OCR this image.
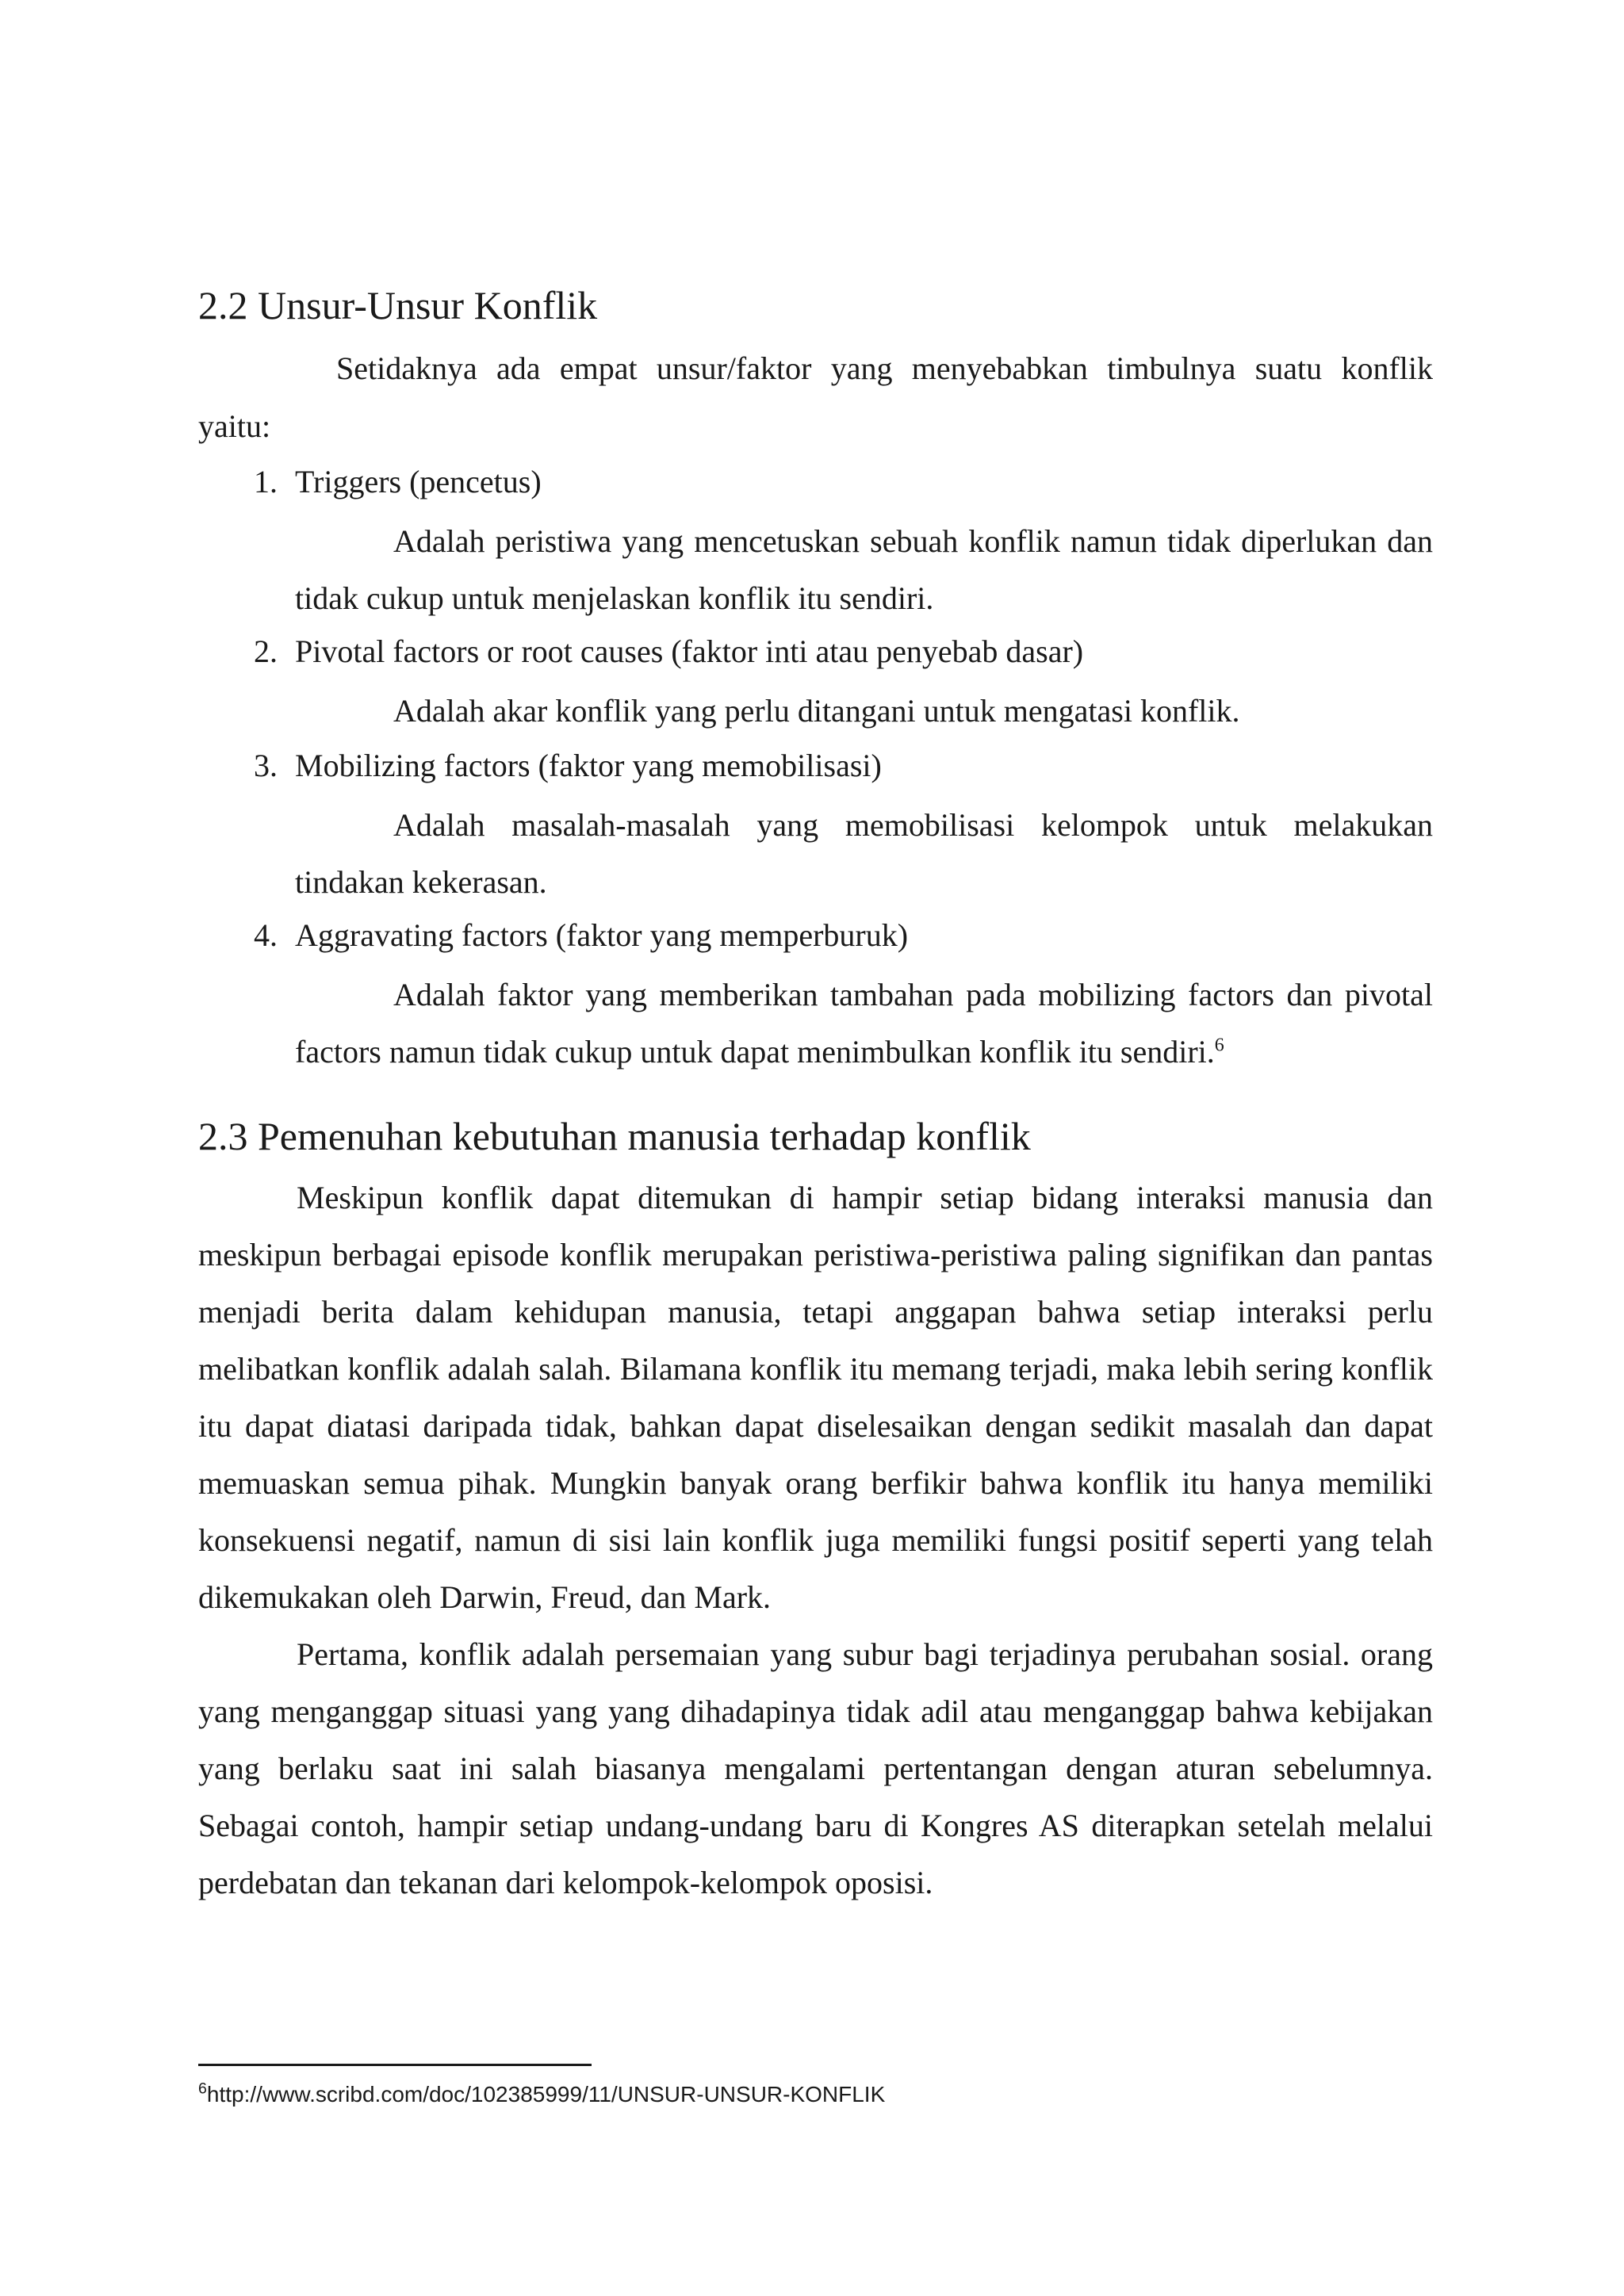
2.2 Unsur-Unsur Konflik
Setidaknya ada empat unsur/faktor yang menyebabkan timbulnya suatu konflik
yaitu:
1. Triggers (pencetus)

Adalah peristiwa yang mencetuskan sebuah konflik namun tidak diperlukan dan tidak cukup untuk menjelaskan konflik itu sendiri.

2. Pivotal factors or root causes (faktor inti atau penyebab dasar)

Adalah akar konflik yang perlu ditangani untuk mengatasi konflik.

3. Mobilizing factors (faktor yang memobilisasi)

Adalah masalah-masalah yang memobilisasi kelompok untuk melakukan tindakan kekerasan.

4. Aggravating factors (faktor yang memperburuk)

Adalah faktor yang memberikan tambahan pada mobilizing factors dan pivotal factors namun tidak cukup untuk dapat menimbulkan konflik itu sendiri.$^6$

2.3 Pemenuhan kebutuhan manusia terhadap konflik

Meskipun konflik dapat ditemukan di hampir setiap bidang interaksi manusia dan meskipun berbagai episode konflik merupakan peristiwa-peristiwa paling signifikan dan pantas menjadi berita dalam kehidupan manusia, tetapi anggapan bahwa setiap interaksi perlu melibatkan konflik adalah salah. Bilamana konflik itu memang terjadi, maka lebih sering konflik itu dapat diatasi daripada tidak, bahkan dapat diselesaikan dengan sedikit masalah dan dapat memuaskan semua pihak. Mungkin banyak orang berfikir bahwa konflik itu hanya memiliki konsekuensi negatif, namun di sisi lain konflik juga memiliki fungsi positif seperti yang telah dikemukakan oleh Darwin, Freud, dan Mark.

Pertama, konflik adalah persemaian yang subur bagi terjadinya perubahan sosial. orang yang menganggap situasi yang yang dihadapinya tidak adil atau menganggap bahwa kebijakan yang berlaku saat ini salah biasanya mengalami pertentangan dengan aturan sebelumnya. Sebagai contoh, hampir setiap undang-undang baru di Kongres AS diterapkan setelah melalui perdebatan dan tekanan dari kelompok-kelompok oposisi.

$^6$http://www.scribd.com/doc/102385999/11/UNSUR-UNSUR-KONFLIK
